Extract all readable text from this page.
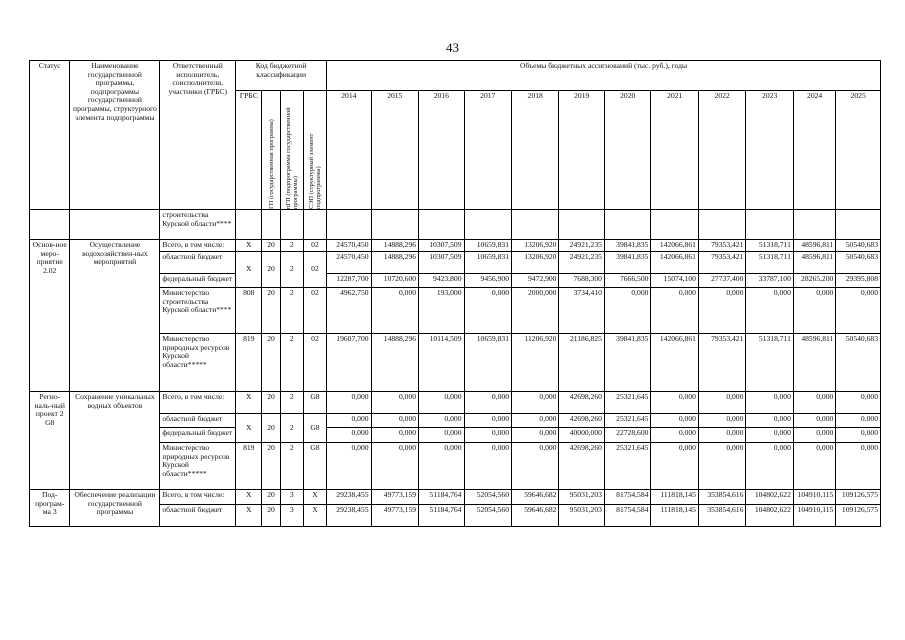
43
Статус	Наименование государственной программы, подпрограммы государственной программы, структурного элемента подпрограммы	Ответственный исполнитель, соисполнители, участники (ГРБС)	Код бюджетной классификации				Объемы бюджетных ассигнований (тыс. руб.), годы											
			ГРБС	ГП (государственная программа)	пГП (подпрограмма государственной программы)	СЭП (структурный элемент подпрограммы)	2014	2015	2016	2017	2018	2019	2020	2021	2022	2023	2024	2025
		строительства Курской области****																
Основ-ное меро-приятие 2.02	Осуществление водохозяйствен-ных мероприятий	Всего, в том числе:	Х	20	2	02	24570,450	14888,296	10307,509	10659,831	13206,920	24921,235	39841,835	142066,861	79353,421	51318,711	48596,811	50540,683
		областной бюджет	Х	20	2	02	24570,450	14888,296	10307,509	10659,831	13206,920	24921,235	39841,835	142066,861	79353,421	51318,711	48596,811	50540,683
		федеральный бюджет					12287,700	10720,600	9423,800	9456,900	9472,900	7688,300	7666,500	15074,100	27737,400	33787,100	28265,200	29395,808
		Министерство строительства Курской области****	808	20	2	02	4962,750	0,000	193,000	0,000	2000,000	3734,410	0,000	0,000	0,000	0,000	0,000	0,000
		Министерство природных ресурсов Курской области*****	819	20	2	02	19607,700	14888,296	10114,509	10659,831	11206,920	21186,825	39841,835	142066,861	79353,421	51318,711	48596,811	50540,683
Регио-наль-ный проект 2 G8	Сохранение уникальных водных объектов	Всего, в том числе:	Х	20	2	G8	0,000	0,000	0,000	0,000	0,000	42698,260	25321,645	0,000	0,000	0,000	0,000	0,000
		областной бюджет	Х	20	2	G8	0,000	0,000	0,000	0,000	0,000	42698,260	25321,645	0,000	0,000	0,000	0,000	0,000
		федеральный бюджет					0,000	0,000	0,000	0,000	0,000	40000,000	22728,600	0,000	0,000	0,000	0,000	0,000
		Министерство природных ресурсов Курской области*****	819	20	2	G8	0,000	0,000	0,000	0,000	0,000	42698,260	25321,645	0,000	0,000	0,000	0,000	0,000
Под-програм-ма 3	Обеспечение реализации государственной программы	Всего, в том числе:	Х	20	3	Х	29238,455	49773,159	51184,764	52054,560	59646,682	95031,203	81754,584	111818,145	353854,616	104802,622	104910,115	109126,575
		областной бюджет	Х	20	3	Х	29238,455	49773,159	51184,764	52054,560	59646,682	95031,203	81754,584	111818,145	353854,616	104802,622	104910,115	109126,575
